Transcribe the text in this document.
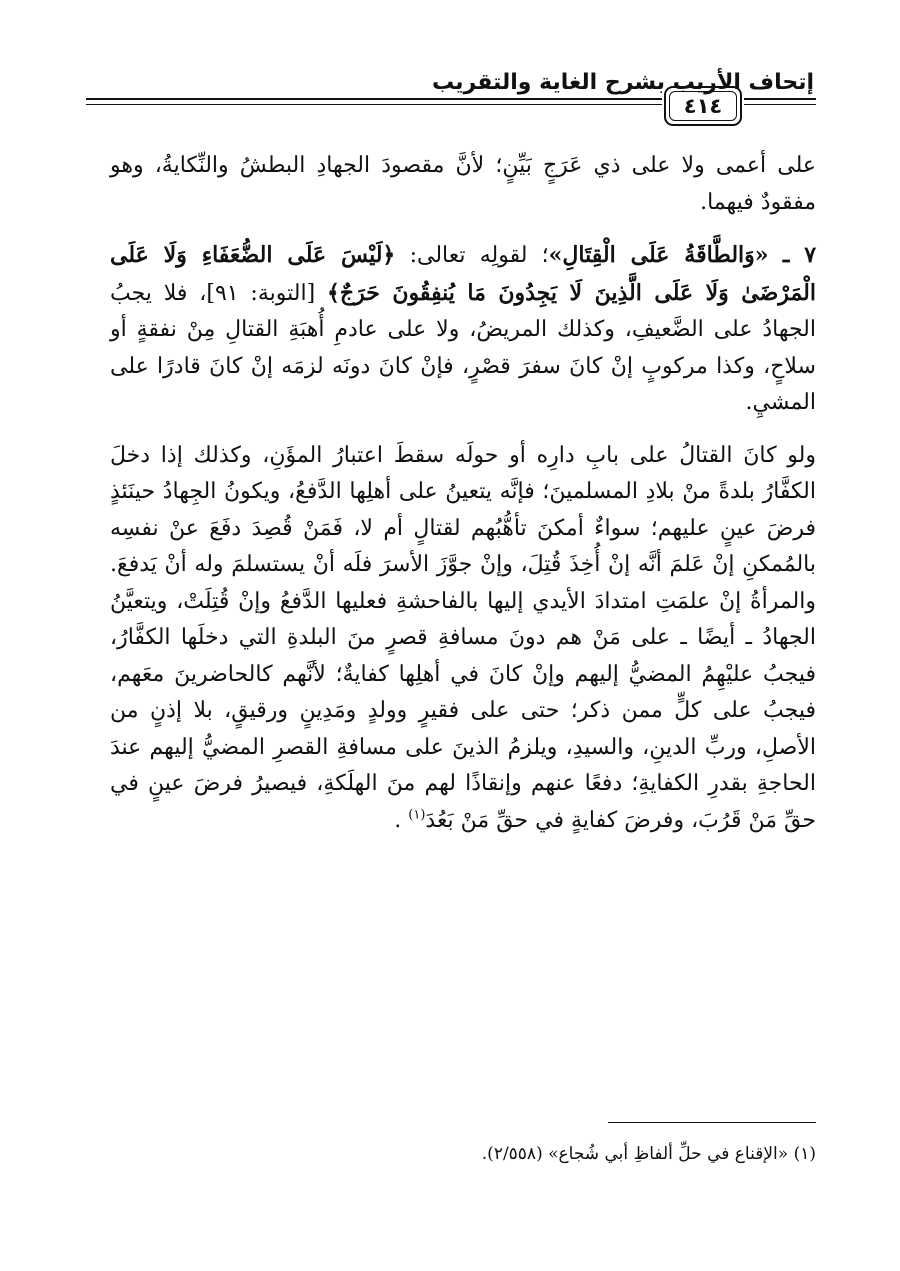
إتحاف الأريب بشرح الغاية والتقريب
٤١٤

على أعمى ولا على ذي عَرَجٍ بَيِّنٍ؛ لأنَّ مقصودَ الجهادِ البطشُ والنِّكايةُ، وهو مفقودٌ فيهما.

٧ ـ «وَالطَّاقَةُ عَلَى الْقِتَالِ»؛ لقولِه تعالى: ﴿لَيْسَ عَلَى الضُّعَفَاءِ وَلَا عَلَى الْمَرْضَىٰ وَلَا عَلَى الَّذِينَ لَا يَجِدُونَ مَا يُنفِقُونَ حَرَجٌ﴾ [التوبة: ٩١]، فلا يجبُ الجهادُ على الضَّعيفِ، وكذلك المريضُ، ولا على عادمِ أُهبَةِ القتالِ مِنْ نفقةٍ أو سلاحٍ، وكذا مركوبٍ إنْ كانَ سفرَ قصْرٍ، فإنْ كانَ دونَه لزمَه إنْ كانَ قادرًا على المشيِ.

ولو كانَ القتالُ على بابِ دارِه أو حولَه سقطَ اعتبارُ المؤَنِ، وكذلك إذا دخلَ الكفَّارُ بلدةً منْ بلادِ المسلمينَ؛ فإنَّه يتعينُ على أهلِها الدَّفعُ، ويكونُ الجِهادُ حينَئذٍ فرضَ عينٍ عليهم؛ سواءٌ أمكنَ تأهُّبُهم لقتالٍ أم لا، فَمَنْ قُصِدَ دفَعَ عنْ نفسِه بالمُمكنِ إنْ عَلمَ أنَّه إنْ أُخِذَ قُتِلَ، وإنْ جوَّزَ الأسرَ فلَه أنْ يستسلمَ وله أنْ يَدفعَ. والمرأةُ إنْ علمَتِ امتدادَ الأيدي إليها بالفاحشةِ فعليها الدَّفعُ وإنْ قُتِلَتْ، ويتعيَّنُ الجهادُ ـ أيضًا ـ على مَنْ هم دونَ مسافةِ قصرٍ منَ البلدةِ التي دخلَها الكفَّارُ، فيجبُ عليْهِمُ المضيُّ إليهم وإنْ كانَ في أهلِها كفايةٌ؛ لأنَّهم كالحاضرينَ معَهم، فيجبُ على كلٍّ ممن ذكر؛ حتى على فقيرٍ وولدٍ ومَدِينٍ ورقيقٍ، بلا إذنٍ من الأصلِ، وربِّ الدينِ، والسيدِ، ويلزمُ الذينَ على مسافةِ القصرِ المضيُّ إليهم عندَ الحاجةِ بقدرِ الكفايةِ؛ دفعًا عنهم وإنقاذًا لهم منَ الهلَكةِ، فيصيرُ فرضَ عينٍ في حقِّ مَنْ قَرُبَ، وفرضَ كفايةٍ في حقِّ مَنْ بَعُدَ$^{(١)}$ .

(١) «الإقناع في حلِّ ألفاظِ أبي شُجاع» (٢/٥٥٨).
